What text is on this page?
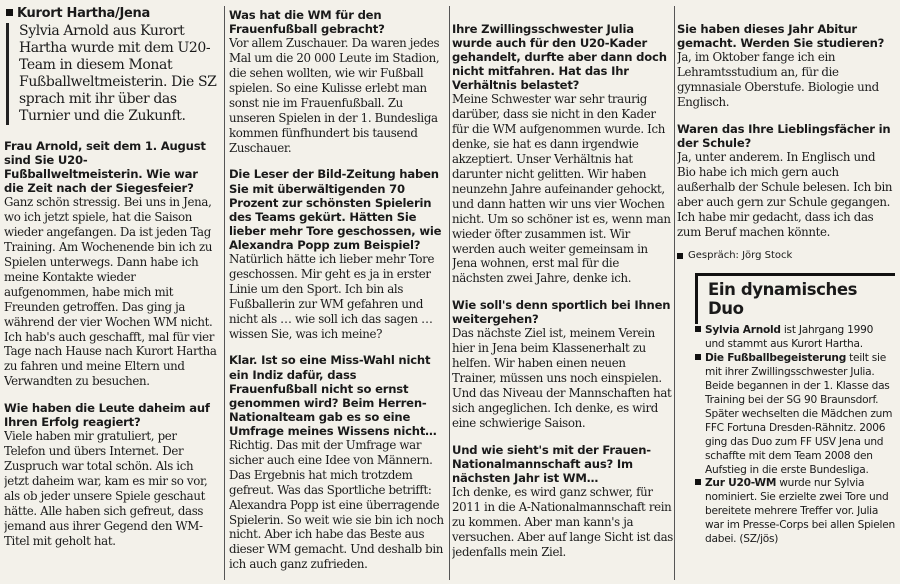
Kurort Hartha/Jena

Sylvia Arnold aus Kurort Hartha wurde mit dem U20-Team in diesem Monat Fußballweltmeisterin. Die SZ sprach mit ihr über das Turnier und die Zukunft.

Frau Arnold, seit dem 1. August sind Sie U20-Fußballweltmeisterin. Wie war die Zeit nach der Siegesfeier?

Ganz schön stressig. Bei uns in Jena, wo ich jetzt spiele, hat die Saison wieder angefangen. Da ist jeden Tag Training. Am Wochenende bin ich zu Spielen unterwegs. Dann habe ich meine Kontakte wieder aufgenommen, habe mich mit Freunden getroffen. Das ging ja während der vier Wochen WM nicht. Ich hab's auch geschafft, mal für vier Tage nach Hause nach Kurort Hartha zu fahren und meine Eltern und Verwandten zu besuchen.

Wie haben die Leute daheim auf Ihren Erfolg reagiert?

Viele haben mir gratuliert, per Telefon und übers Internet. Der Zuspruch war total schön. Als ich jetzt daheim war, kam es mir so vor, als ob jeder unsere Spiele geschaut hätte. Alle haben sich gefreut, dass jemand aus ihrer Gegend den WM-Titel mit geholt hat.

Was hat die WM für den Frauenfußball gebracht?

Vor allem Zuschauer. Da waren jedes Mal um die 20 000 Leute im Stadion, die sehen wollten, wie wir Fußball spielen. So eine Kulisse erlebt man sonst nie im Frauenfußball. Zu unseren Spielen in der 1. Bundesliga kommen fünfhundert bis tausend Zuschauer.

Die Leser der Bild-Zeitung haben Sie mit überwältigenden 70 Prozent zur schönsten Spielerin des Teams gekürt. Hätten Sie lieber mehr Tore geschossen, wie Alexandra Popp zum Beispiel?

Natürlich hätte ich lieber mehr Tore geschossen. Mir geht es ja in erster Linie um den Sport. Ich bin als Fußballerin zur WM gefahren und nicht als … wie soll ich das sagen … wissen Sie, was ich meine?

Klar. Ist so eine Miss-Wahl nicht ein Indiz dafür, dass Frauenfußball nicht so ernst genommen wird? Beim Herren-Nationalteam gab es so eine Umfrage meines Wissens nicht…

Richtig. Das mit der Umfrage war sicher auch eine Idee von Männern. Das Ergebnis hat mich trotzdem gefreut. Was das Sportliche betrifft: Alexandra Popp ist eine überragende Spielerin. So weit wie sie bin ich noch nicht. Aber ich habe das Beste aus dieser WM gemacht. Und deshalb bin ich auch ganz zufrieden.

Ihre Zwillingsschwester Julia wurde auch für den U20-Kader gehandelt, durfte aber dann doch nicht mitfahren. Hat das Ihr Verhältnis belastet?

Meine Schwester war sehr traurig darüber, dass sie nicht in den Kader für die WM aufgenommen wurde. Ich denke, sie hat es dann irgendwie akzeptiert. Unser Verhältnis hat darunter nicht gelitten. Wir haben neunzehn Jahre aufeinander gehockt, und dann hatten wir uns vier Wochen nicht. Um so schöner ist es, wenn man wieder öfter zusammen ist. Wir werden auch weiter gemeinsam in Jena wohnen, erst mal für die nächsten zwei Jahre, denke ich.

Wie soll's denn sportlich bei Ihnen weitergehen?

Das nächste Ziel ist, meinem Verein hier in Jena beim Klassenerhalt zu helfen. Wir haben einen neuen Trainer, müssen uns noch einspielen. Und das Niveau der Mannschaften hat sich angeglichen. Ich denke, es wird eine schwierige Saison.

Und wie sieht's mit der Frauen-Nationalmannschaft aus? Im nächsten Jahr ist WM…

Ich denke, es wird ganz schwer, für 2011 in die A-Nationalmannschaft rein zu kommen. Aber man kann's ja versuchen. Aber auf lange Sicht ist das jedenfalls mein Ziel.

Sie haben dieses Jahr Abitur gemacht. Werden Sie studieren?

Ja, im Oktober fange ich ein Lehramtsstudium an, für die gymnasiale Oberstufe. Biologie und Englisch.

Waren das Ihre Lieblingsfächer in der Schule?

Ja, unter anderem. In Englisch und Bio habe ich mich gern auch außerhalb der Schule belesen. Ich bin aber auch gern zur Schule gegangen. Ich habe mir gedacht, dass ich das zum Beruf machen könnte.

Gespräch: Jörg Stock
Ein dynamisches Duo

Sylvia Arnold ist Jahrgang 1990 und stammt aus Kurort Hartha.

Die Fußballbegeisterung teilt sie mit ihrer Zwillingsschwester Julia. Beide begannen in der 1. Klasse das Training bei der SG 90 Braunsdorf. Später wechselten die Mädchen zum FFC Fortuna Dresden-Rähnitz. 2006 ging das Duo zum FF USV Jena und schaffte mit dem Team 2008 den Aufstieg in die erste Bundesliga.

Zur U20-WM wurde nur Sylvia nominiert. Sie erzielte zwei Tore und bereitete mehrere Treffer vor. Julia war im Presse-Corps bei allen Spielen dabei. (SZ/jös)
